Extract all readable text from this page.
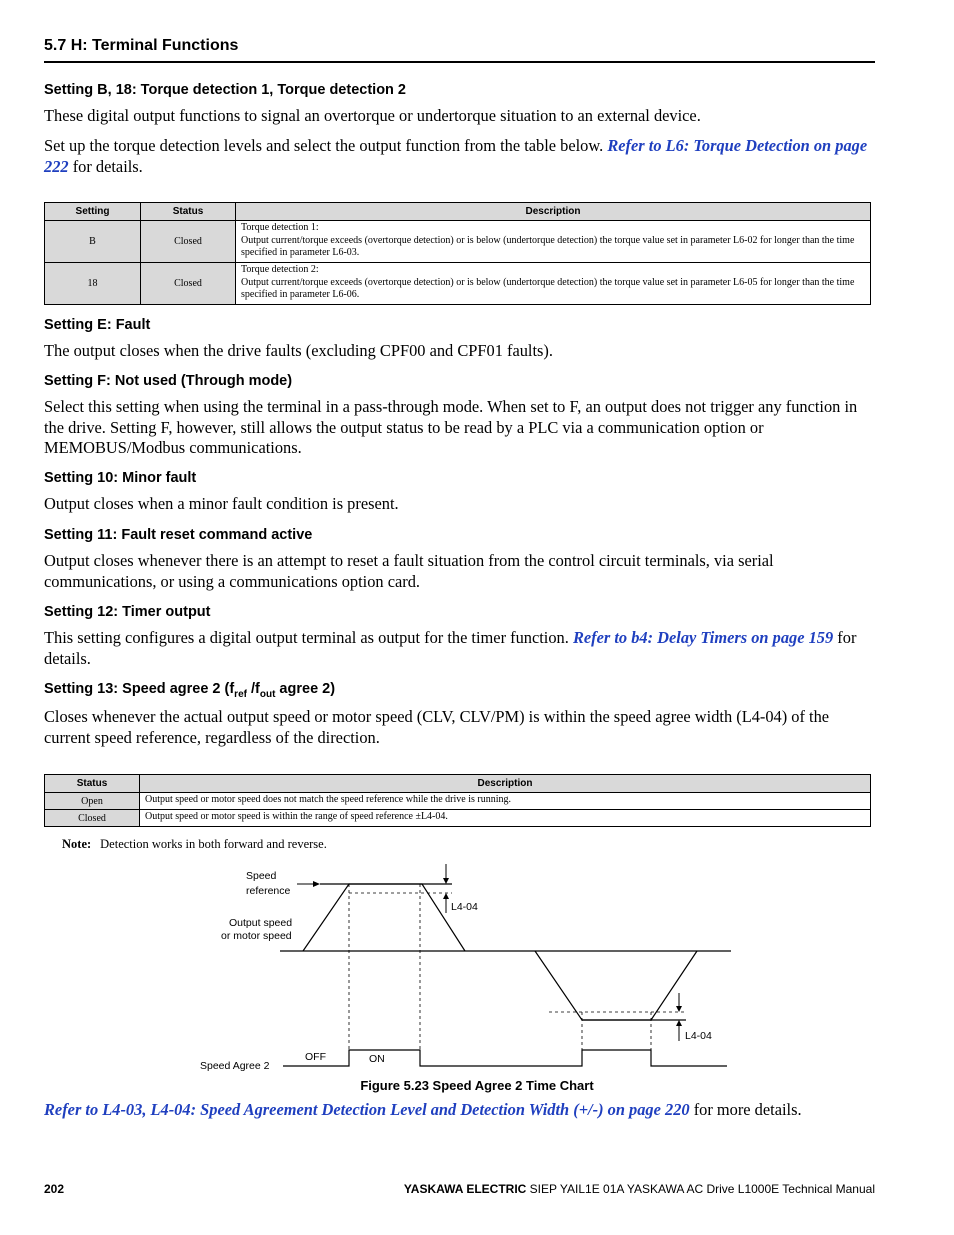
5.7 H: Terminal Functions
Setting B, 18: Torque detection 1, Torque detection 2
These digital output functions to signal an overtorque or undertorque situation to an external device.
Set up the torque detection levels and select the output function from the table below. Refer to L6: Torque Detection on page 222 for details.
Setting	Status	Description
B	Closed	Torque detection 1:
Output current/torque exceeds (overtorque detection) or is below (undertorque detection) the torque value set in parameter L6-02 for longer than the time specified in parameter L6-03.

18	Closed	Torque detection 2:
Output current/torque exceeds (overtorque detection) or is below (undertorque detection) the torque value set in parameter L6-05 for longer than the time specified in parameter L6-06.
Setting E: Fault
The output closes when the drive faults (excluding CPF00 and CPF01 faults).
Setting F: Not used (Through mode)
Select this setting when using the terminal in a pass-through mode. When set to F, an output does not trigger any function in the drive. Setting F, however, still allows the output status to be read by a PLC via a communication option or MEMOBUS/Modbus communications.
Setting 10: Minor fault
Output closes when a minor fault condition is present.
Setting 11: Fault reset command active
Output closes whenever there is an attempt to reset a fault situation from the control circuit terminals, via serial communications, or using a communications option card.
Setting 12: Timer output
This setting configures a digital output terminal as output for the timer function. Refer to b4: Delay Timers on page 159 for details.
Setting 13: Speed agree 2 ($f_{ref}$ $/f_{out}$ agree 2)
Closes whenever the actual output speed or motor speed (CLV, CLV/PM) is within the speed agree width (L4-04) of the current speed reference, regardless of the direction.
Status	Description
Open	Output speed or motor speed does not match the speed reference while the drive is running.
Closed	Output speed or motor speed is within the range of speed reference ±L4-04.
Note: Detection works in both forward and reverse.
Speed
reference
Output speed
or motor speed
L4-04
L4-04
Speed Agree 2
OFF	ON
Figure 5.23 Speed Agree 2 Time Chart
Refer to L4-03, L4-04: Speed Agreement Detection Level and Detection Width (+/-) on page 220 for more details.
202	YASKAWA ELECTRIC SIEP YAIL1E 01A YASKAWA AC Drive L1000E Technical Manual
